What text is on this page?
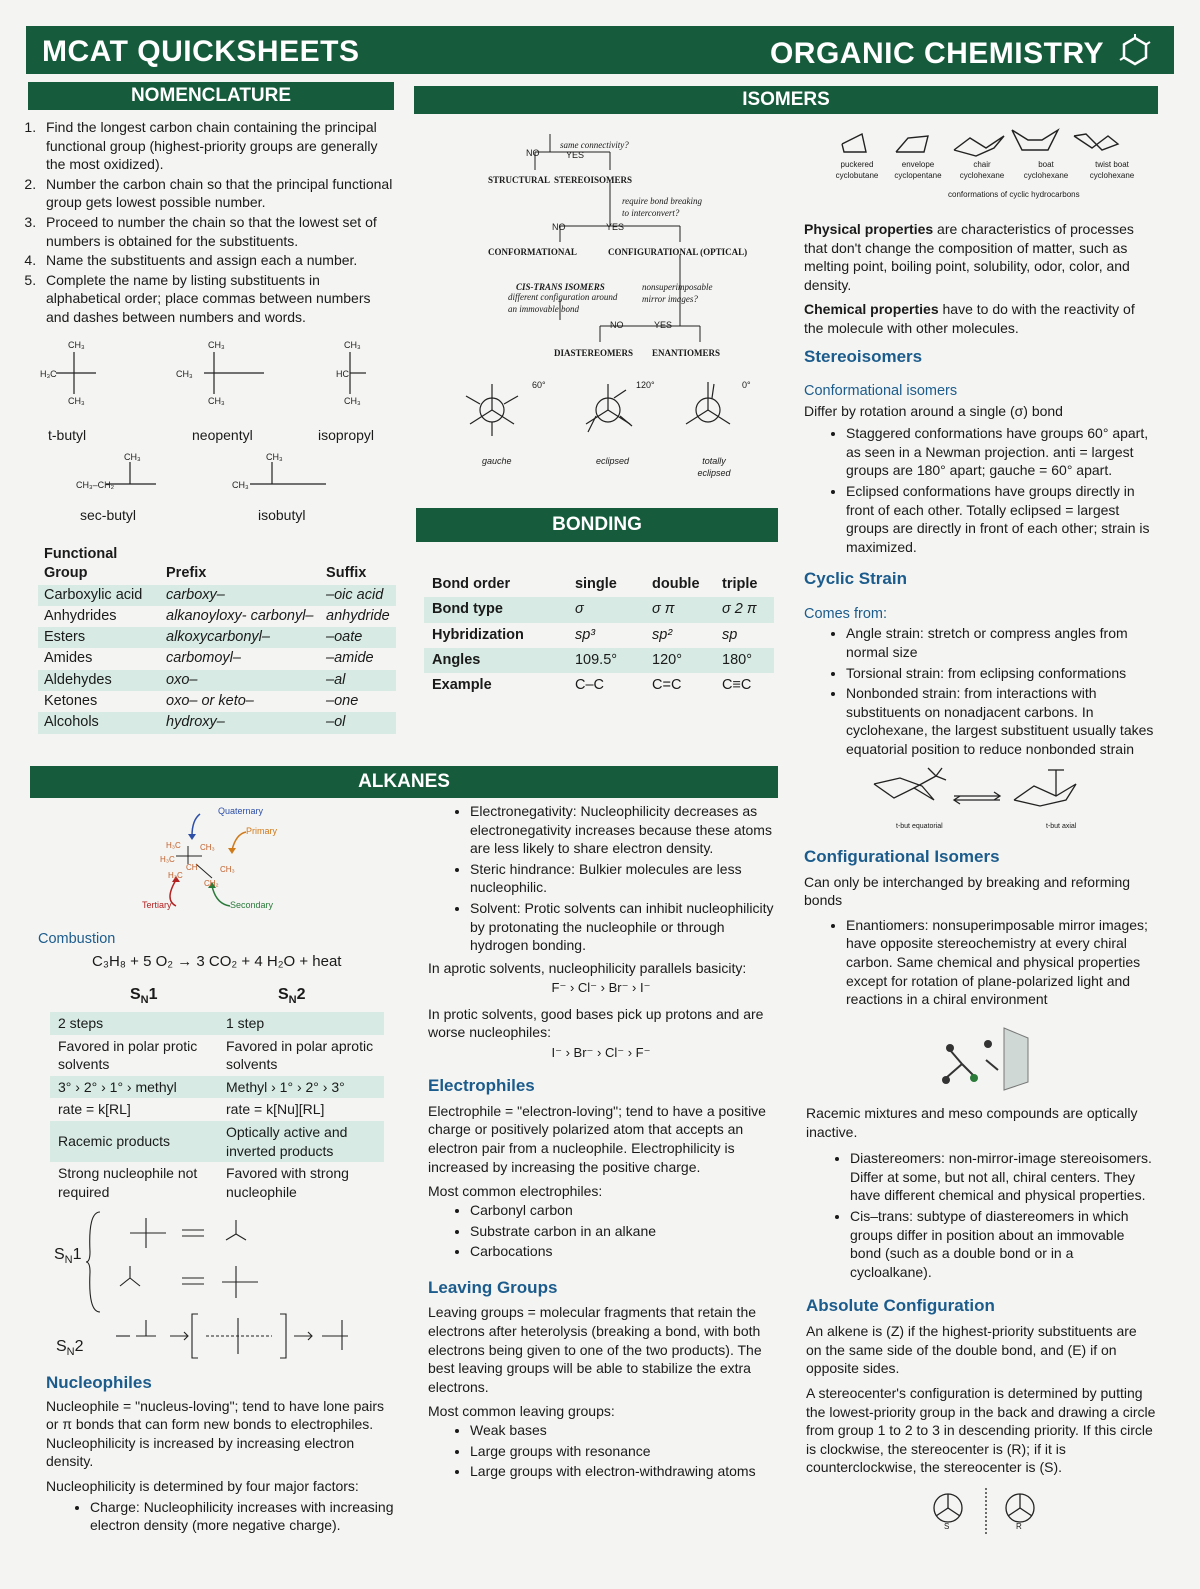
MCAT QUICKSHEETS	ORGANIC CHEMISTRY
NOMENCLATURE
1. Find the longest carbon chain containing the principal functional group (highest-priority groups are generally the most oxidized).
2. Number the carbon chain so that the principal functional group gets lowest possible number.
3. Proceed to number the chain so that the lowest set of numbers is obtained for the substituents.
4. Name the substituents and assign each a number.
5. Complete the name by listing substituents in alphabetical order; place commas between numbers and dashes between numbers and words.
CH₃
H₃C
CH₃
CH₃
CH₃
CH₃
CH₃
HC
CH₃
CH₃
CH₃–CH₂
CH₃
CH₃
t-butyl	neopentyl	isopropyl
sec-butyl	isobutyl
Functional Group	Prefix	Suffix
Carboxylic acid	carboxy–	–oic acid
Anhydrides	alkanoyloxy- carbonyl–	anhydride
Esters	alkoxycarbonyl–	–oate
Amides	carbomoyl–	–amide
Aldehydes	oxo–	–al
Ketones	oxo– or keto–	–one
Alcohols	hydroxy–	–ol
ISOMERS
same connectivity?
NO	YES
STRUCTURAL STEREOISOMERS
require bond breaking to interconvert?
NO	YES
CONFORMATIONAL	CONFIGURATIONAL (OPTICAL)
CIS-TRANS ISOMERS
different configuration around an immovable bond
nonsuperimposable mirror images?
NO	YES
DIASTEREOMERS ENANTIOMERS
60°	120°	0°
gauche	eclipsed	totally eclipsed
puckered cyclobutane
envelope cyclopentane
chair cyclohexane
boat cyclohexane
twist boat cyclohexane
conformations of cyclic hydrocarbons
BONDING
Bond order	single	double	triple
Bond type	σ	σ π	σ 2 π
Hybridization	sp³	sp²	sp
Angles	109.5°	120°	180°
Example	C–C	C=C	C≡C

Physical properties are characteristics of processes that don't change the composition of matter, such as melting point, boiling point, solubility, odor, color, and density.

Chemical properties have to do with the reactivity of the molecule with other molecules.

Stereoisomers
Conformational isomers
Differ by rotation around a single (σ) bond
• Staggered conformations have groups 60° apart, as seen in a Newman projection. anti = largest groups are 180° apart; gauche = 60° apart.
• Eclipsed conformations have groups directly in front of each other. Totally eclipsed = largest groups are directly in front of each other; strain is maximized.
Cyclic Strain
Comes from:
• Angle strain: stretch or compress angles from normal size
• Torsional strain: from eclipsing conformations
• Nonbonded strain: from interactions with substituents on nonadjacent carbons. In cyclohexane, the largest substituent usually takes equatorial position to reduce nonbonded strain
t-but equatorial	t-but axial
Configurational Isomers
Can only be interchanged by breaking and reforming bonds
• Enantiomers: nonsuperimposable mirror images; have opposite stereochemistry at every chiral carbon. Same chemical and physical properties except for rotation of plane-polarized light and reactions in a chiral environment
Racemic mixtures and meso compounds are optically inactive.
• Diastereomers: non-mirror-image stereoisomers. Differ at some, but not all, chiral centers. They have different chemical and physical properties.
• Cis–trans: subtype of diastereomers in which groups differ in position about an immovable bond (such as a double bond or in a cycloalkane).
Absolute Configuration

An alkene is (Z) if the highest-priority substituents are on the same side of the double bond, and (E) if on opposite sides.

A stereocenter's configuration is determined by putting the lowest-priority group in the back and drawing a circle from group 1 to 2 to 3 in descending priority. If this circle is clockwise, the stereocenter is (R); if it is counterclockwise, the stereocenter is (S).

S	R
ALKANES
H₃C
H₃C
CH₃
H₃C
CH
CH₂
CH₃
Quaternary
Primary
Tertiary	Secondary
Combustion
C₃H₈ + 5 O₂ → 3 CO₂ + 4 H₂O + heat
$S_N1$	$S_N2$
2 steps	1 step
Favored in polar protic solvents	Favored in polar aprotic solvents
3° › 2° › 1° › methyl	Methyl › 1° › 2° › 3°
rate = k[RL]	rate = k[Nu][RL]
Racemic products	Optically active and inverted products
Strong nucleophile not required	Favored with strong nucleophile
$S_N1$
$S_N2$
Nucleophiles

Nucleophile = "nucleus-loving"; tend to have lone pairs or π bonds that can form new bonds to electrophiles. Nucleophilicity is increased by increasing electron density.

Nucleophilicity is determined by four major factors:
• Charge: Nucleophilicity increases with increasing electron density (more negative charge).
• Electronegativity: Nucleophilicity decreases as electronegativity increases because these atoms are less likely to share electron density.
• Steric hindrance: Bulkier molecules are less nucleophilic.
• Solvent: Protic solvents can inhibit nucleophilicity by protonating the nucleophile or through hydrogen bonding.
In aprotic solvents, nucleophilicity parallels basicity:
F⁻ › Cl⁻ › Br⁻ › I⁻
In protic solvents, good bases pick up protons and are worse nucleophiles:
I⁻ › Br⁻ › Cl⁻ › F⁻
Electrophiles

Electrophile = "electron-loving"; tend to have a positive charge or positively polarized atom that accepts an electron pair from a nucleophile. Electrophilicity is increased by increasing the positive charge.

Most common electrophiles:
• Carbonyl carbon
• Substrate carbon in an alkane
• Carbocations
Leaving Groups

Leaving groups = molecular fragments that retain the electrons after heterolysis (breaking a bond, with both electrons being given to one of the two products). The best leaving groups will be able to stabilize the extra electrons.

Most common leaving groups:
• Weak bases
• Large groups with resonance
• Large groups with electron-withdrawing atoms
